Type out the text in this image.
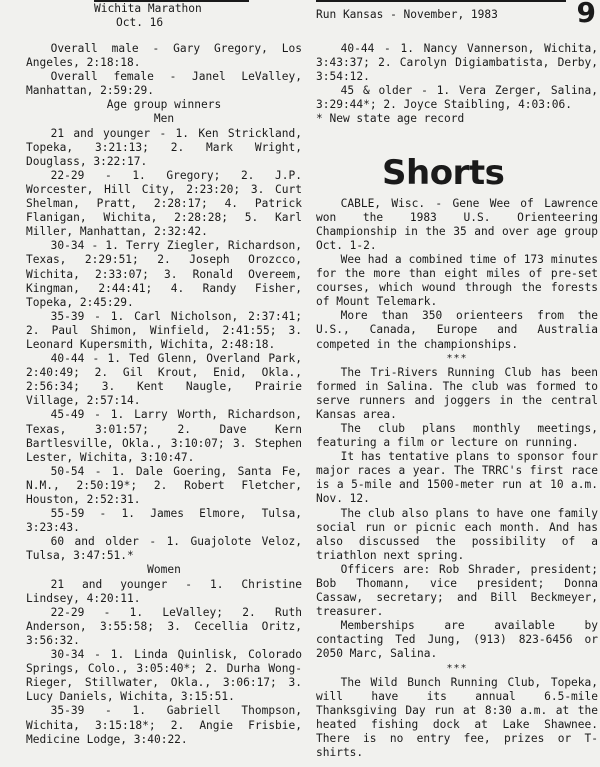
Wichita Marathon
Oct. 16

Overall male - Gary Gregory, Los Angeles, 2:18:18.

Overall female - Janel LeValley, Manhattan, 2:59:29.

Age group winners

Men

21 and younger - 1. Ken Strickland, Topeka, 3:21:13; 2. Mark Wright, Douglass, 3:22:17.

22-29 - 1. Gregory; 2. J.P. Worcester, Hill City, 2:23:20; 3. Curt Shelman, Pratt, 2:28:17; 4. Patrick Flanigan, Wichita, 2:28:28; 5. Karl Miller, Manhattan, 2:32:42.

30-34 - 1. Terry Ziegler, Richardson, Texas, 2:29:51; 2. Joseph Orozcco, Wichita, 2:33:07; 3. Ronald Overeem, Kingman, 2:44:41; 4. Randy Fisher, Topeka, 2:45:29.

35-39 - 1. Carl Nicholson, 2:37:41; 2. Paul Shimon, Winfield, 2:41:55; 3. Leonard Kupersmith, Wichita, 2:48:18.

40-44 - 1. Ted Glenn, Overland Park, 2:40:49; 2. Gil Krout, Enid, Okla., 2:56:34; 3. Kent Naugle, Prairie Village, 2:57:14.

45-49 - 1. Larry Worth, Richardson, Texas, 3:01:57; 2. Dave Kern Bartlesville, Okla., 3:10:07; 3. Stephen Lester, Wichita, 3:10:47.

50-54 - 1. Dale Goering, Santa Fe, N.M., 2:50:19*; 2. Robert Fletcher, Houston, 2:52:31.

55-59 - 1. James Elmore, Tulsa, 3:23:43.

60 and older - 1. Guajolote Veloz, Tulsa, 3:47:51.*

Women

21 and younger - 1. Christine Lindsey, 4:20:11.

22-29 - 1. LeValley; 2. Ruth Anderson, 3:55:58; 3. Cecellia Oritz, 3:56:32.

30-34 - 1. Linda Quinlisk, Colorado Springs, Colo., 3:05:40*; 2. Durha Wong-Rieger, Stillwater, Okla., 3:06:17; 3. Lucy Daniels, Wichita, 3:15:51.

35-39 - 1. Gabriell Thompson, Wichita, 3:15:18*; 2. Angie Frisbie, Medicine Lodge, 3:40:22.

Run Kansas - November, 1983	9

40-44 - 1. Nancy Vannerson, Wichita, 3:43:37; 2. Carolyn Digiambatista, Derby, 3:54:12.

45 & older - 1. Vera Zerger, Salina, 3:29:44*; 2. Joyce Staibling, 4:03:06.

* New state age record

Shorts

CABLE, Wisc. - Gene Wee of Lawrence won the 1983 U.S. Orienteering Championship in the 35 and over age group Oct. 1-2.

Wee had a combined time of 173 minutes for the more than eight miles of pre-set courses, which wound through the forests of Mount Telemark.

More than 350 orienteers from the U.S., Canada, Europe and Australia competed in the championships.

***

The Tri-Rivers Running Club has been formed in Salina. The club was formed to serve runners and joggers in the central Kansas area.

The club plans monthly meetings, featuring a film or lecture on running.

It has tentative plans to sponsor four major races a year. The TRRC's first race is a 5-mile and 1500-meter run at 10 a.m. Nov. 12.

The club also plans to have one family social run or picnic each month. And has also discussed the possibility of a triathlon next spring.

Officers are: Rob Shrader, president; Bob Thomann, vice president; Donna Cassaw, secretary; and Bill Beckmeyer, treasurer.

Memberships are available by contacting Ted Jung, (913) 823-6456 or 2050 Marc, Salina.

***

The Wild Bunch Running Club, Topeka, will have its annual 6.5-mile Thanksgiving Day run at 8:30 a.m. at the heated fishing dock at Lake Shawnee. There is no entry fee, prizes or T-shirts.
